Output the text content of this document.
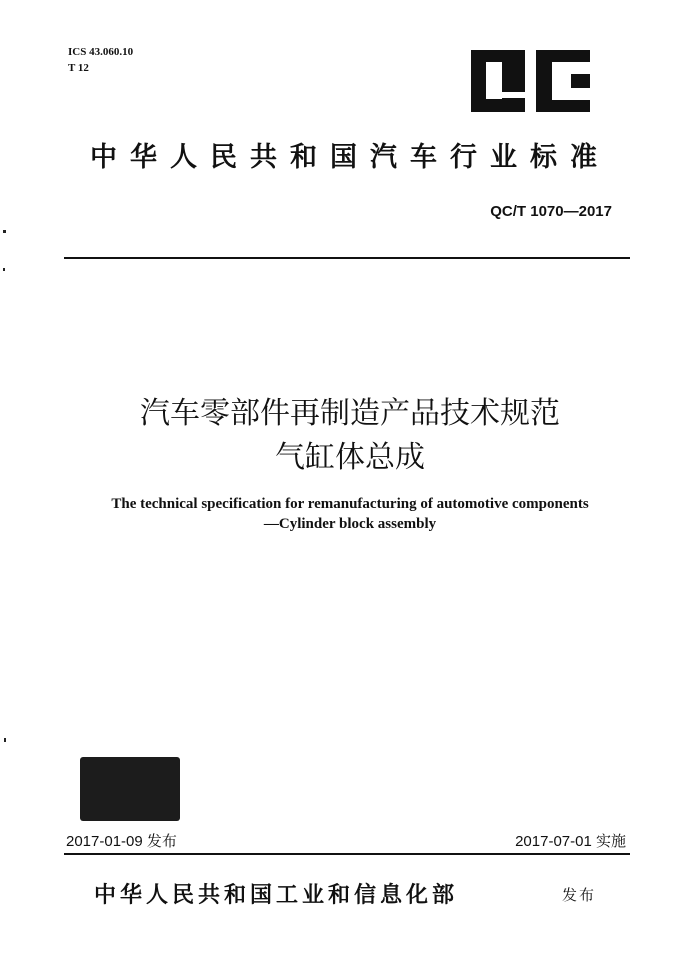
ICS 43.060.10
T 12
中华人民共和国汽车行业标准
QC/T 1070—2017
汽车零部件再制造产品技术规范
气缸体总成
The technical specification for remanufacturing of automotive components
—Cylinder block assembly
2017-01-09 发布	2017-07-01 实施
中华人民共和国工业和信息化部	发布
